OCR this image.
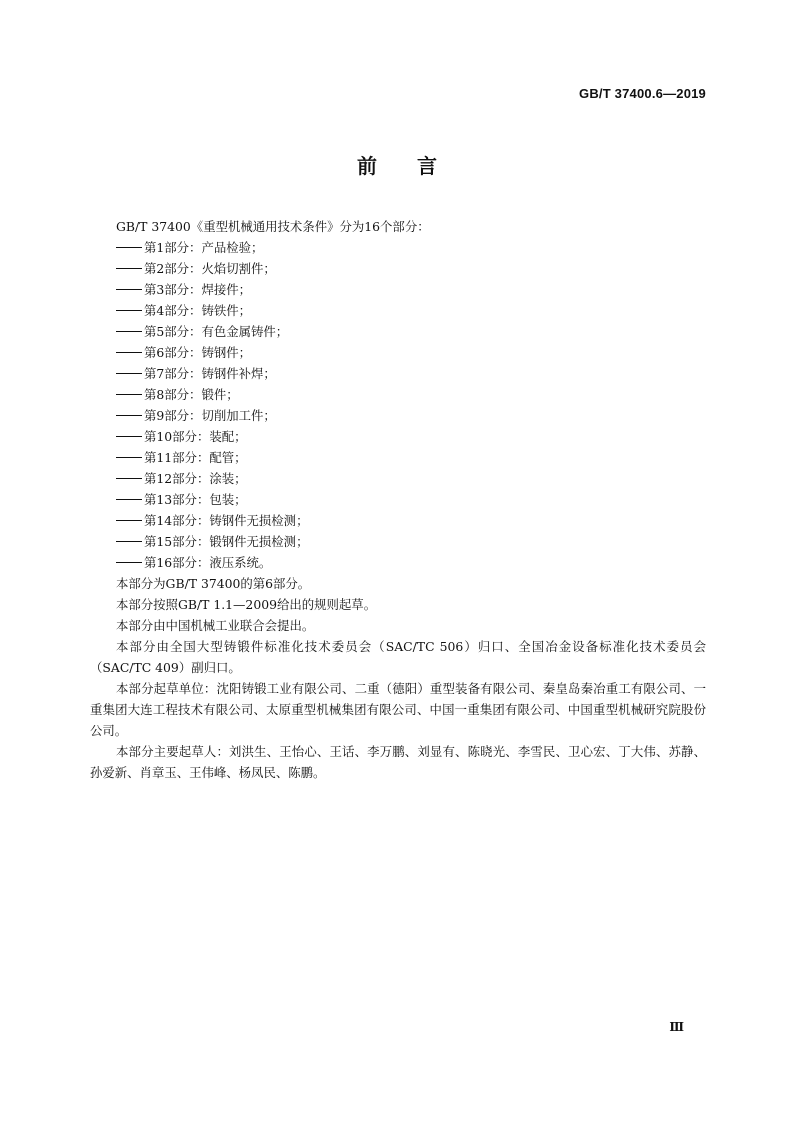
GB/T 37400.6—2019
前言

GB/T 37400《重型机械通用技术条件》分为16个部分：

第1部分：产品检验；

第2部分：火焰切割件；

第3部分：焊接件；

第4部分：铸铁件；

第5部分：有色金属铸件；

第6部分：铸钢件；

第7部分：铸钢件补焊；

第8部分：锻件；

第9部分：切削加工件；

第10部分：装配；

第11部分：配管；

第12部分：涂装；

第13部分：包装；

第14部分：铸钢件无损检测；

第15部分：锻钢件无损检测；

第16部分：液压系统。

本部分为GB/T 37400的第6部分。

本部分按照GB/T 1.1—2009给出的规则起草。

本部分由中国机械工业联合会提出。

本部分由全国大型铸锻件标准化技术委员会（SAC/TC 506）归口、全国冶金设备标准化技术委员会（SAC/TC 409）副归口。

本部分起草单位：沈阳铸锻工业有限公司、二重（德阳）重型装备有限公司、秦皇岛秦冶重工有限公司、一重集团大连工程技术有限公司、太原重型机械集团有限公司、中国一重集团有限公司、中国重型机械研究院股份公司。

本部分主要起草人：刘洪生、王怡心、王话、李万鹏、刘显有、陈晓光、李雪民、卫心宏、丁大伟、苏静、孙爱新、肖章玉、王伟峰、杨凤民、陈鹏。

Ⅲ
